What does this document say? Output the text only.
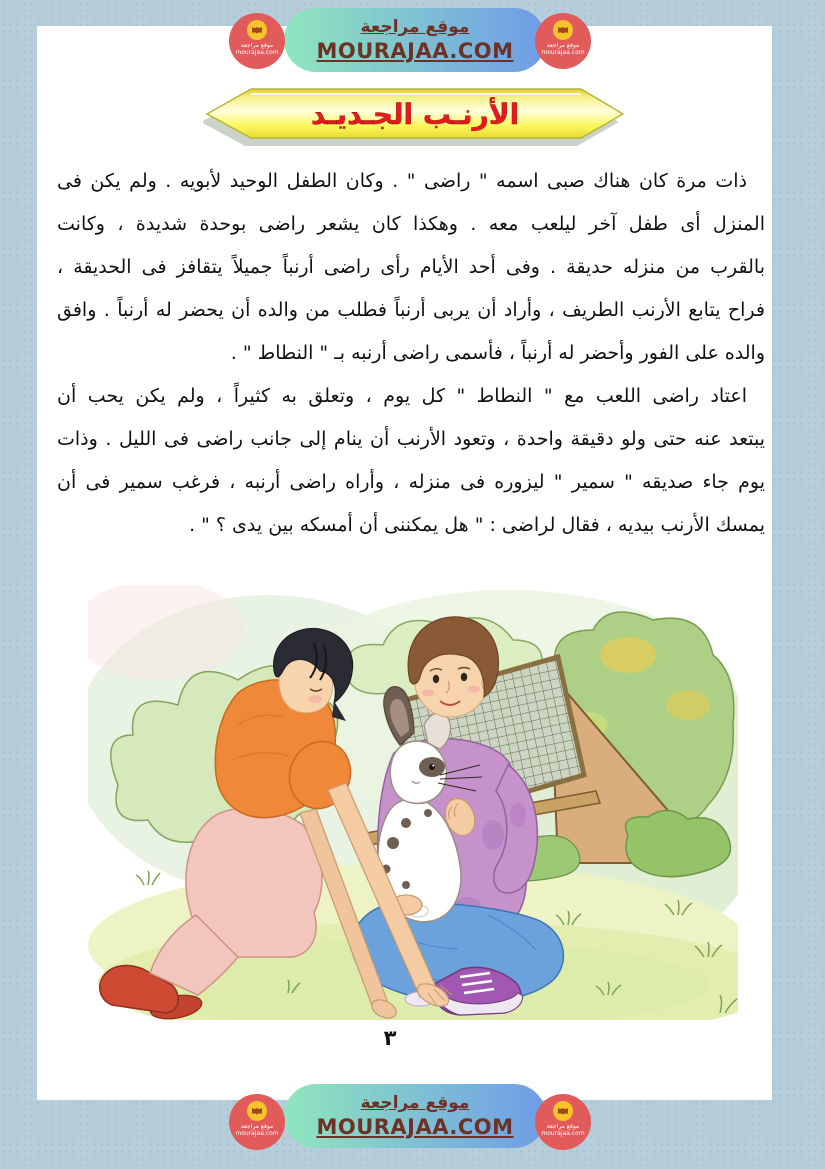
موقع مراجعة
MOURAJAA.COM
موقع مراجعة
mourajaa.com
موقع مراجعة
mourajaa.com
الأرنـب الجـديـد
ذات مرة كان هناك صبى اسمه " راضى " . وكان الطفل الوحيد لأبويه . ولم يكن فى
المنزل أى طفل آخر ليلعب معه . وهكذا كان يشعر راضى بوحدة شديدة ، وكانت
بالقرب من منزله حديقة . وفى أحد الأيام رأى راضى أرنباً جميلاً يتقافز فى الحديقة ،
فراح يتابع الأرنب الطريف ، وأراد أن يربى أرنباً فطلب من والده أن يحضر له أرنباً . وافق
والده على الفور وأحضر له أرنباً ، فأسمى راضى أرنبه بـ " النطاط " .
اعتاد راضى اللعب مع " النطاط " كل يوم ، وتعلق به كثيراً ، ولم يكن يحب أن
يبتعد عنه حتى ولو دقيقة واحدة ، وتعود الأرنب أن ينام إلى جانب راضى فى الليل . وذات
يوم جاء صديقه " سمير " ليزوره فى منزله ، وأراه راضى أرنبه ، فرغب سمير فى أن
يمسك الأرنب بيديه ، فقال لراضى : " هل يمكننى أن أمسكه بين يدى ؟ " .
٣
موقع مراجعة
MOURAJAA.COM
موقع مراجعة
mourajaa.com
موقع مراجعة
mourajaa.com
